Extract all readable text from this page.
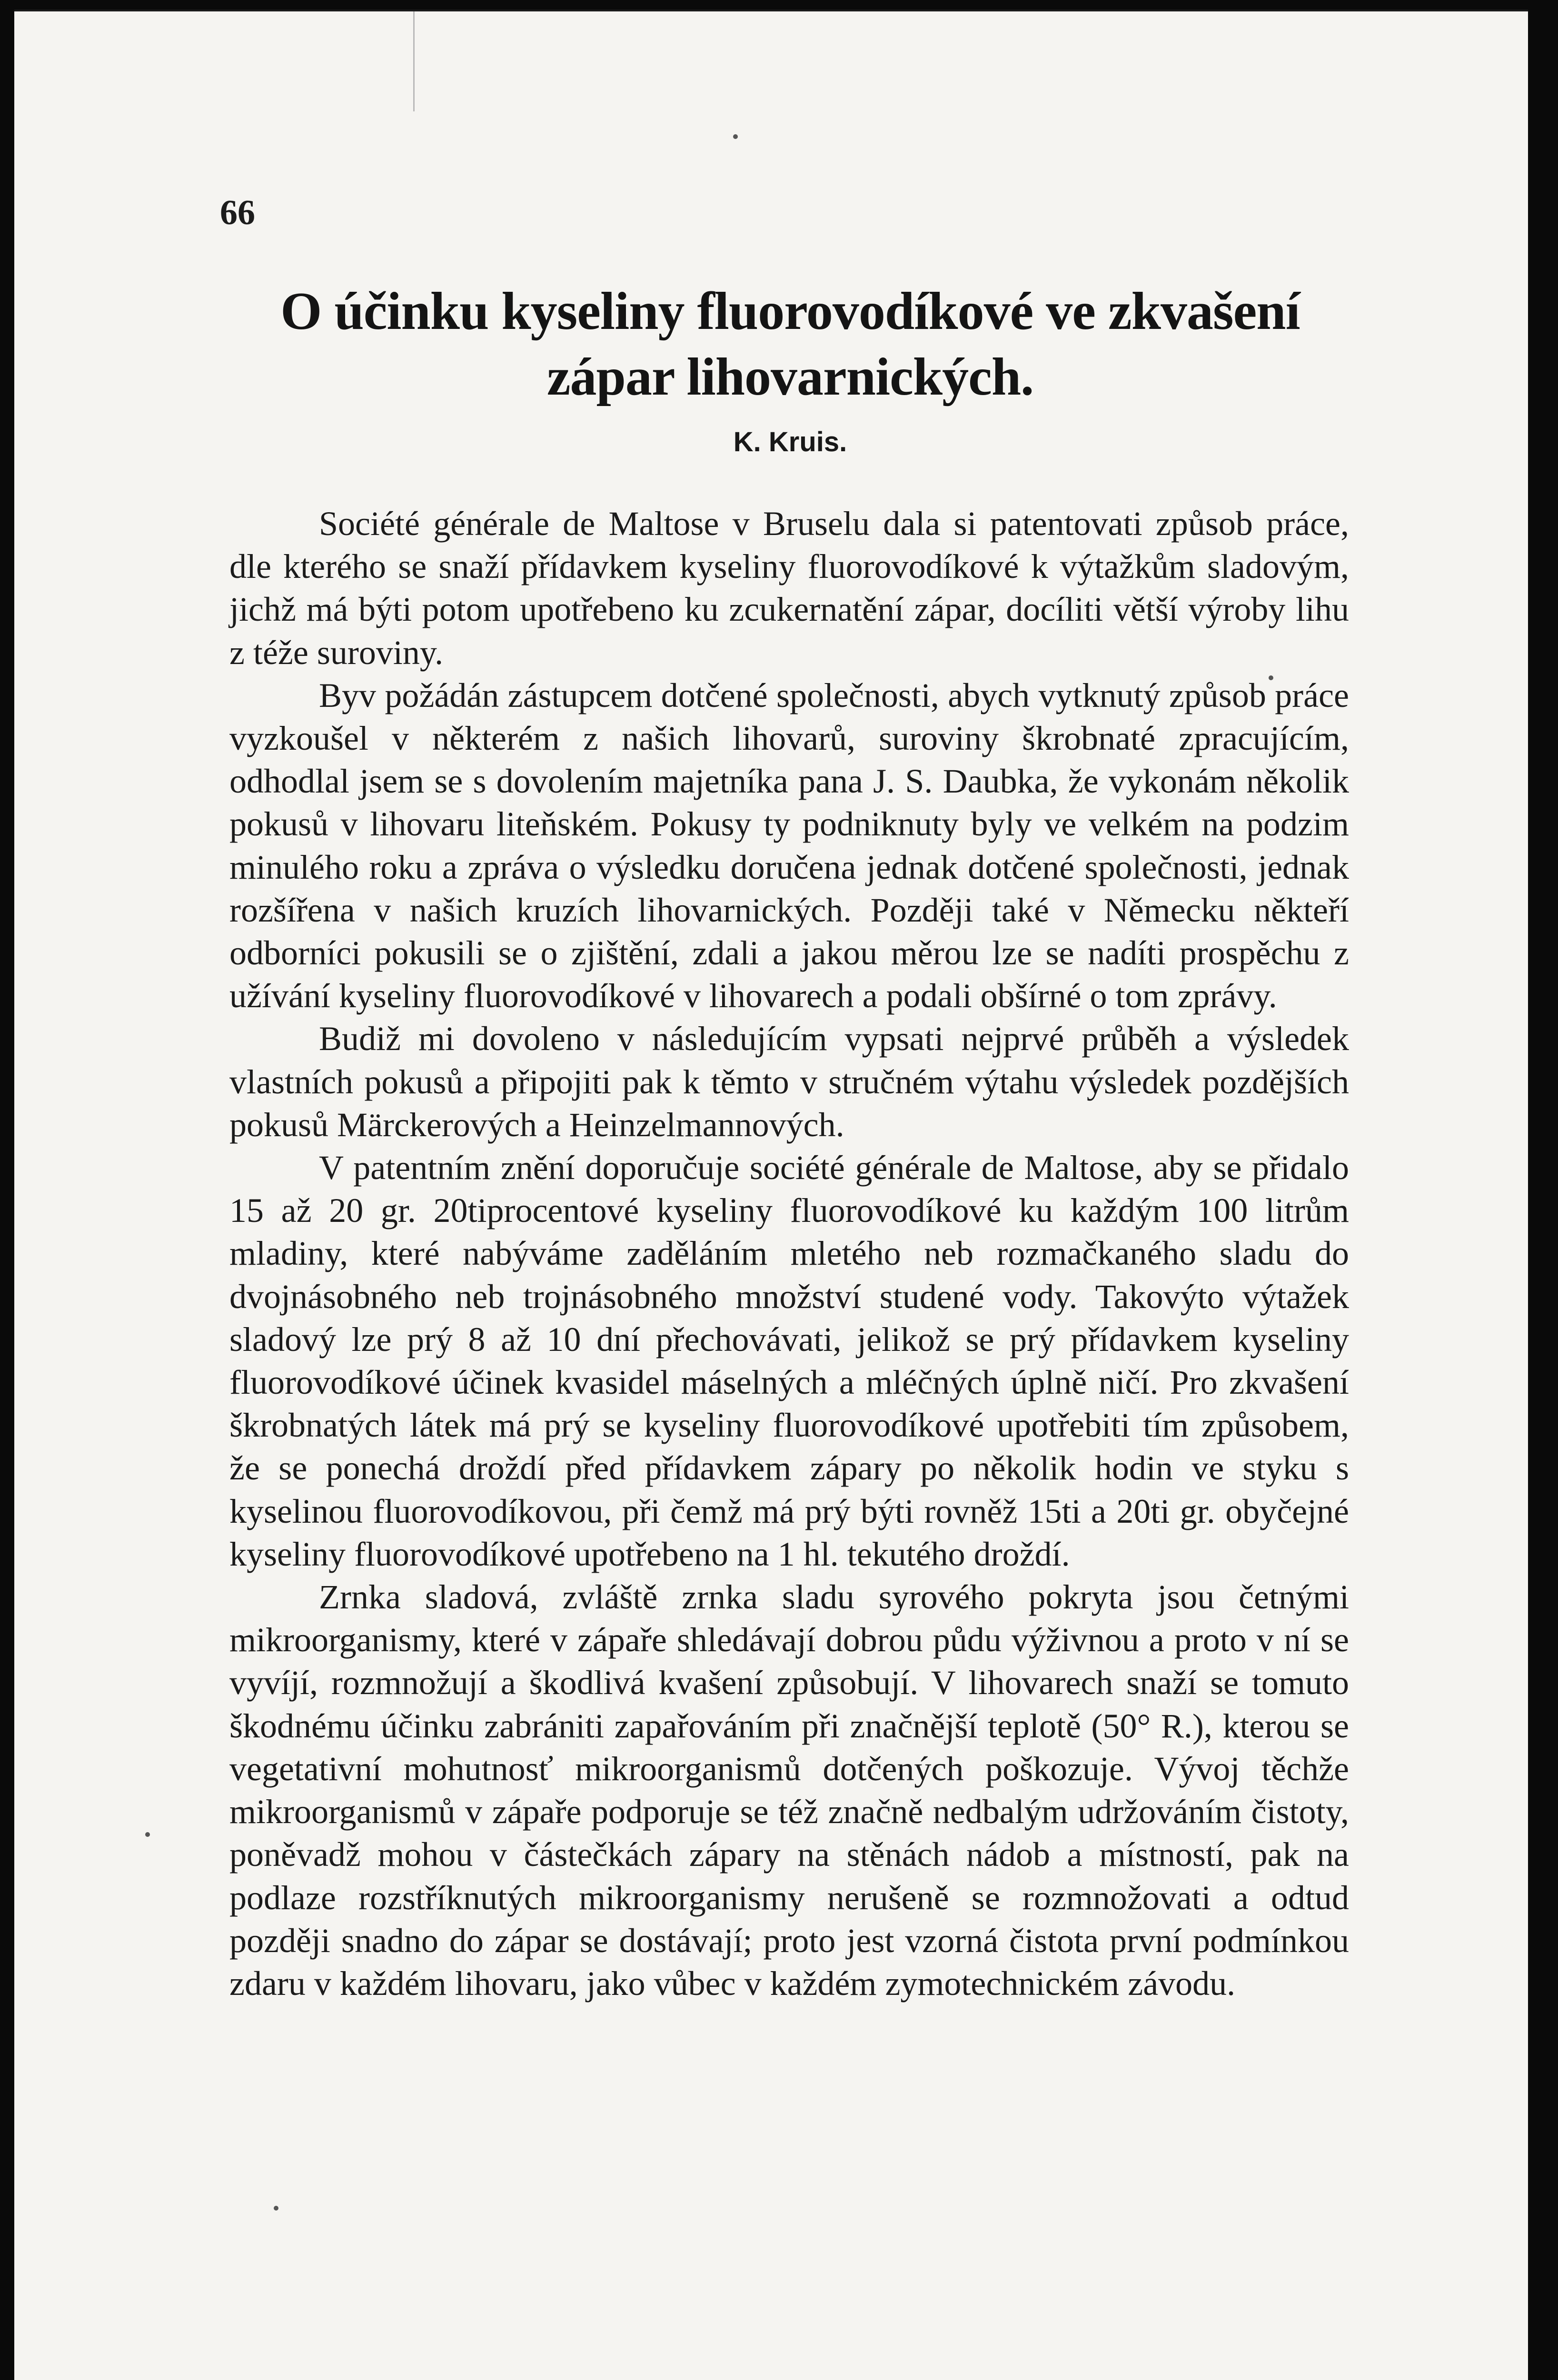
66

O účinku kyseliny fluorovodíkové ve zkvašení zápar lihovarnických.

K. Kruis.

Société générale de Maltose v Bruselu dala si patentovati způsob práce, dle kterého se snaží přídavkem kyseliny fluorovodíkové k výtažkům sladovým, jichž má býti potom upotřebeno ku zcukernatění zápar, docíliti větší výroby lihu z téže suroviny.

Byv požádán zástupcem dotčené společnosti, abych vytknutý způsob práce vyzkoušel v některém z našich lihovarů, suroviny škrobnaté zpracujícím, odhodlal jsem se s dovolením majetníka pana J. S. Daubka, že vykonám několik pokusů v lihovaru liteňském. Pokusy ty podniknuty byly ve velkém na podzim minulého roku a zpráva o výsledku doručena jednak dotčené společnosti, jednak rozšířena v našich kruzích lihovarnických. Později také v Německu někteří odborníci pokusili se o zjištění, zdali a jakou měrou lze se nadíti prospěchu z užívání kyseliny fluorovodíkové v lihovarech a podali obšírné o tom zprávy.

Budiž mi dovoleno v následujícím vypsati nejprvé průběh a výsledek vlastních pokusů a připojiti pak k těmto v stručném výtahu výsledek pozdějších pokusů Märckerových a Heinzelmannových.

V patentním znění doporučuje société générale de Maltose, aby se přidalo 15 až 20 gr. 20tiprocentové kyseliny fluorovodíkové ku každým 100 litrům mladiny, které nabýváme zaděláním mletého neb rozmačkaného sladu do dvojnásobného neb trojnásobného množství studené vody. Takovýto výtažek sladový lze prý 8 až 10 dní přechovávati, jelikož se prý přídavkem kyseliny fluorovodíkové účinek kvasidel máselných a mléčných úplně ničí. Pro zkvašení škrobnatých látek má prý se kyseliny fluorovodíkové upotřebiti tím způsobem, že se ponechá droždí před přídavkem zápary po několik hodin ve styku s kyselinou fluorovodíkovou, při čemž má prý býti rovněž 15ti a 20ti gr. obyčejné kyseliny fluorovodíkové upotřebeno na 1 hl. tekutého droždí.

Zrnka sladová, zvláště zrnka sladu syrového pokryta jsou četnými mikroorganismy, které v zápaře shledávají dobrou půdu výživnou a proto v ní se vyvíjí, rozmnožují a škodlivá kvašení způsobují. V lihovarech snaží se tomuto škodnému účinku zabrániti zapařováním při značnější teplotě (50° R.), kterou se vegetativní mohutnosť mikroorganismů dotčených poškozuje. Vývoj těchže mikroorganismů v zápaře podporuje se též značně nedbalým udržováním čistoty, poněvadž mohou v částečkách zápary na stěnách nádob a místností, pak na podlaze rozstříknutých mikroorganismy nerušeně se rozmnožovati a odtud později snadno do zápar se dostávají; proto jest vzorná čistota první podmínkou zdaru v každém lihovaru, jako vůbec v každém zymotechnickém závodu.
